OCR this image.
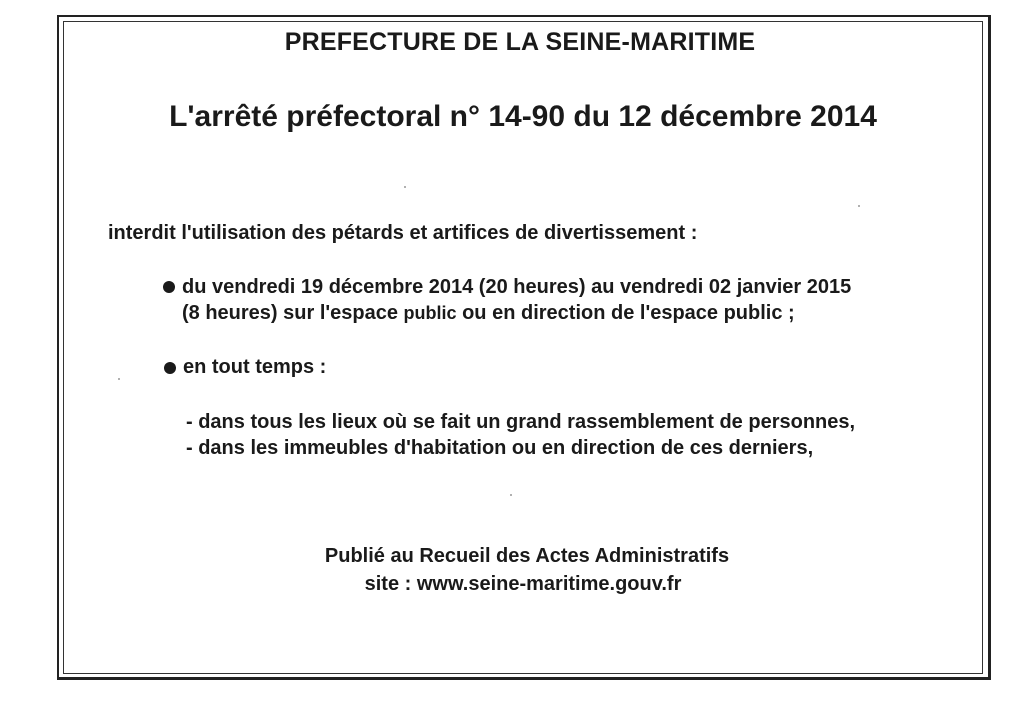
PREFECTURE DE LA SEINE-MARITIME

L'arrêté préfectoral n° 14-90 du 12 décembre 2014

interdit l'utilisation des pétards et artifices de divertissement :

du vendredi 19 décembre 2014 (20 heures) au vendredi 02 janvier 2015

(8 heures) sur l'espace public ou en direction de l'espace public ;

en tout temps :

- dans tous les lieux où se fait un grand rassemblement de personnes,

- dans les immeubles d'habitation ou en direction de ces derniers,

Publié au Recueil des Actes Administratifs

site : www.seine-maritime.gouv.fr
